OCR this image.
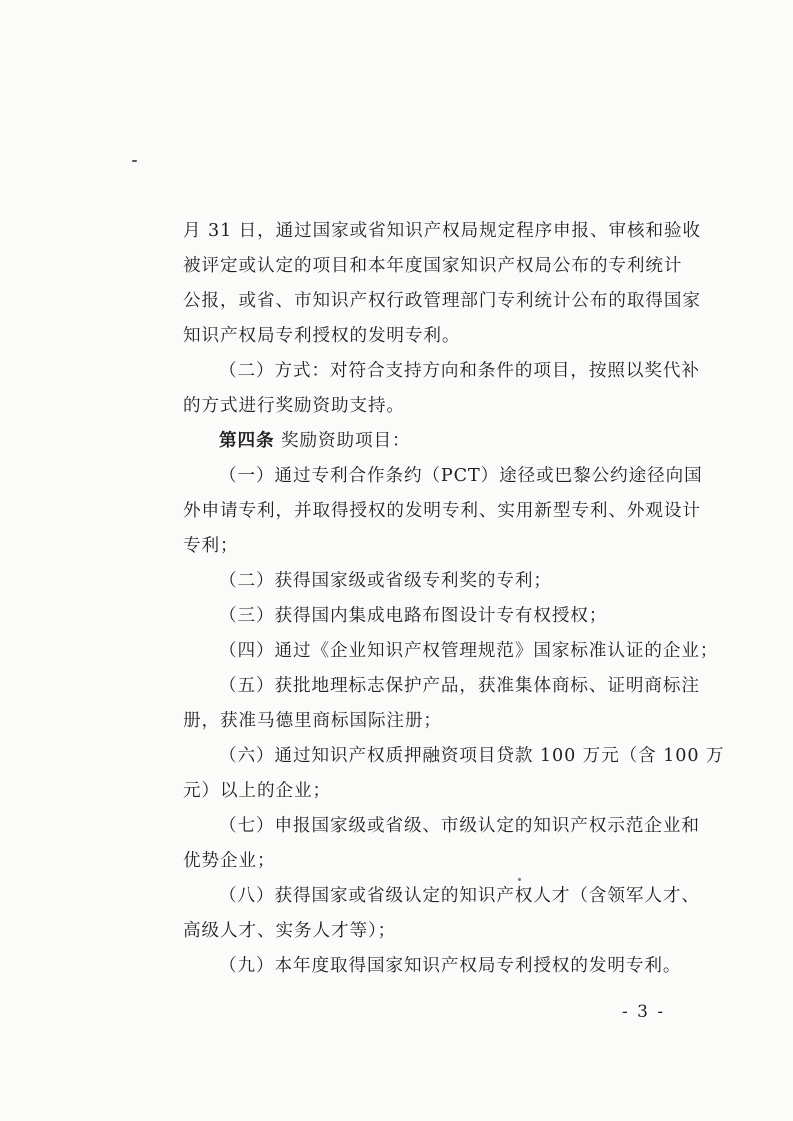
月 31 日，通过国家或省知识产权局规定程序申报、审核和验收
被评定或认定的项目和本年度国家知识产权局公布的专利统计
公报，或省、市知识产权行政管理部门专利统计公布的取得国家
知识产权局专利授权的发明专利。
（二）方式：对符合支持方向和条件的项目，按照以奖代补
的方式进行奖励资助支持。
第四条 奖励资助项目：
（一）通过专利合作条约（PCT）途径或巴黎公约途径向国
外申请专利，并取得授权的发明专利、实用新型专利、外观设计
专利；
（二）获得国家级或省级专利奖的专利；
（三）获得国内集成电路布图设计专有权授权；
（四）通过《企业知识产权管理规范》国家标准认证的企业；
（五）获批地理标志保护产品，获准集体商标、证明商标注
册，获准马德里商标国际注册；
（六）通过知识产权质押融资项目贷款 100 万元（含 100 万
元）以上的企业；
（七）申报国家级或省级、市级认定的知识产权示范企业和
优势企业；
（八）获得国家或省级认定的知识产权人才（含领军人才、
高级人才、实务人才等）；
（九）本年度取得国家知识产权局专利授权的发明专利。
- 3 -
